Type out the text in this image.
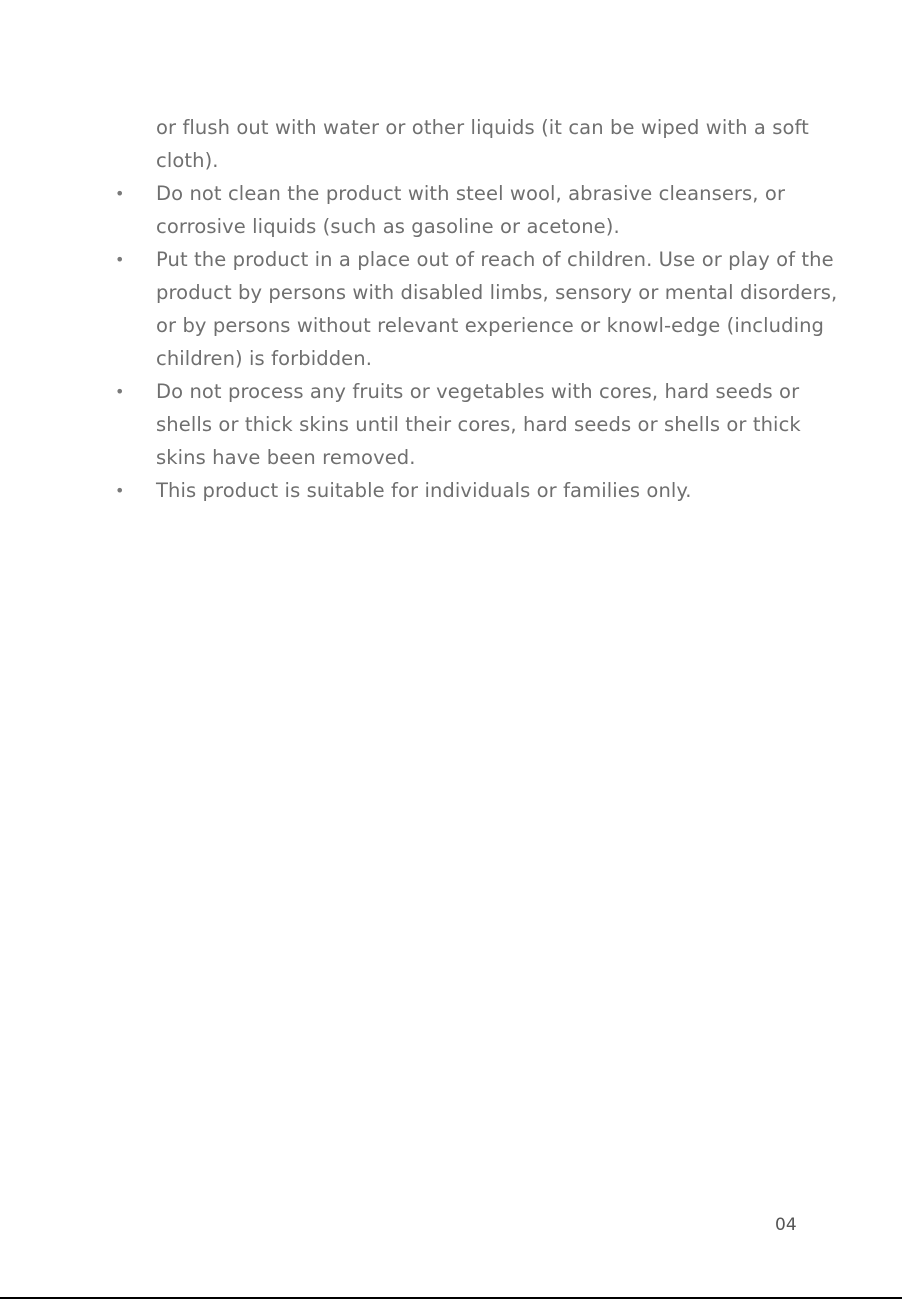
or flush out with water or other liquids (it can be wiped with a soft cloth).

•	Do not clean the product with steel wool, abrasive cleansers, or corrosive liquids (such as gasoline or acetone).
•	Put the product in a place out of reach of children. Use or play of the product by persons with disabled limbs, sensory or mental disorders, or by persons without relevant experience or knowl-edge (including children) is forbidden.
•	Do not process any fruits or vegetables with cores, hard seeds or shells or thick skins until their cores, hard seeds or shells or thick skins have been removed.
•	This product is suitable for individuals or families only.
04
